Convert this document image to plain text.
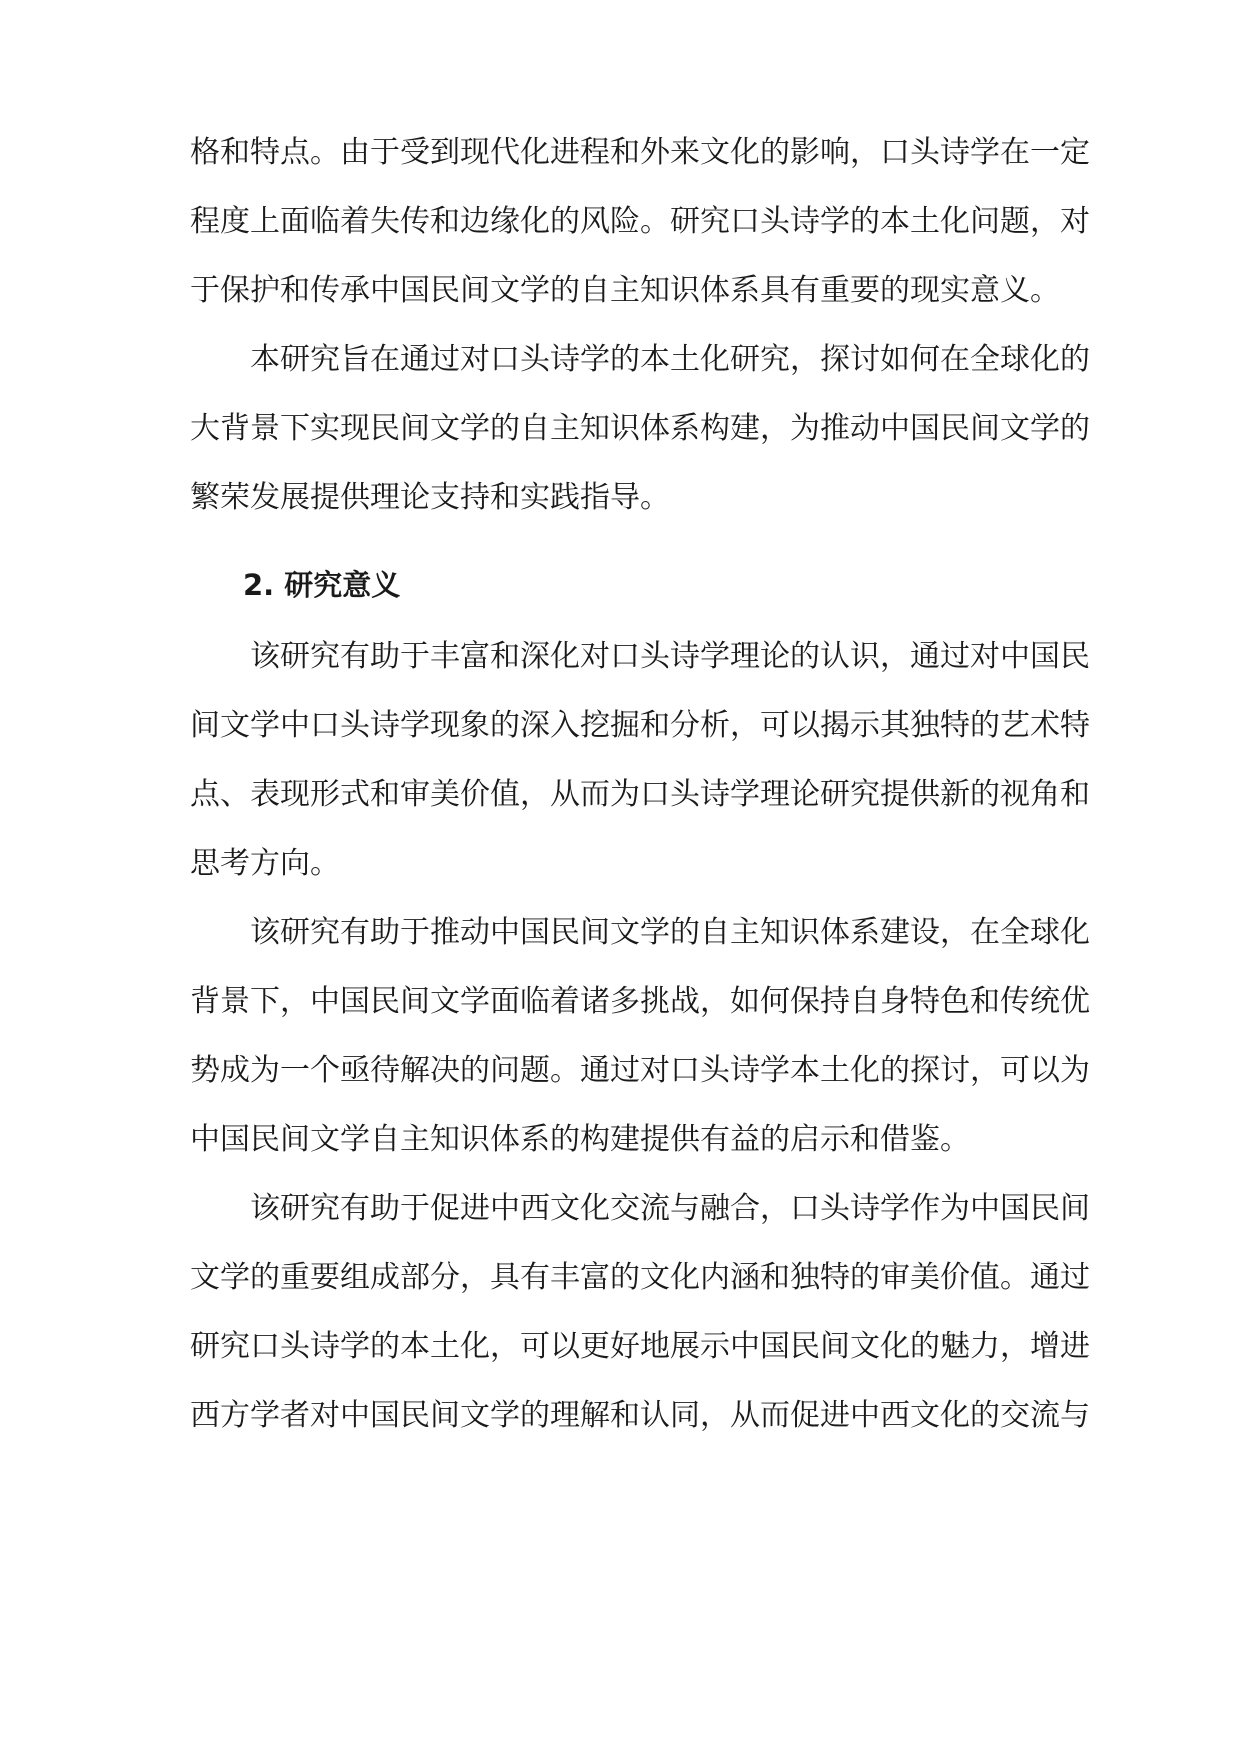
格和特点。由于受到现代化进程和外来文化的影响，口头诗学在一定
程度上面临着失传和边缘化的风险。研究口头诗学的本土化问题，对
于保护和传承中国民间文学的自主知识体系具有重要的现实意义。
本研究旨在通过对口头诗学的本土化研究，探讨如何在全球化的
大背景下实现民间文学的自主知识体系构建，为推动中国民间文学的
繁荣发展提供理论支持和实践指导。
2. 研究意义
该研究有助于丰富和深化对口头诗学理论的认识，通过对中国民
间文学中口头诗学现象的深入挖掘和分析，可以揭示其独特的艺术特
点、表现形式和审美价值，从而为口头诗学理论研究提供新的视角和
思考方向。
该研究有助于推动中国民间文学的自主知识体系建设，在全球化
背景下，中国民间文学面临着诸多挑战，如何保持自身特色和传统优
势成为一个亟待解决的问题。通过对口头诗学本土化的探讨，可以为
中国民间文学自主知识体系的构建提供有益的启示和借鉴。
该研究有助于促进中西文化交流与融合，口头诗学作为中国民间
文学的重要组成部分，具有丰富的文化内涵和独特的审美价值。通过
研究口头诗学的本土化，可以更好地展示中国民间文化的魅力，增进
西方学者对中国民间文学的理解和认同，从而促进中西文化的交流与
